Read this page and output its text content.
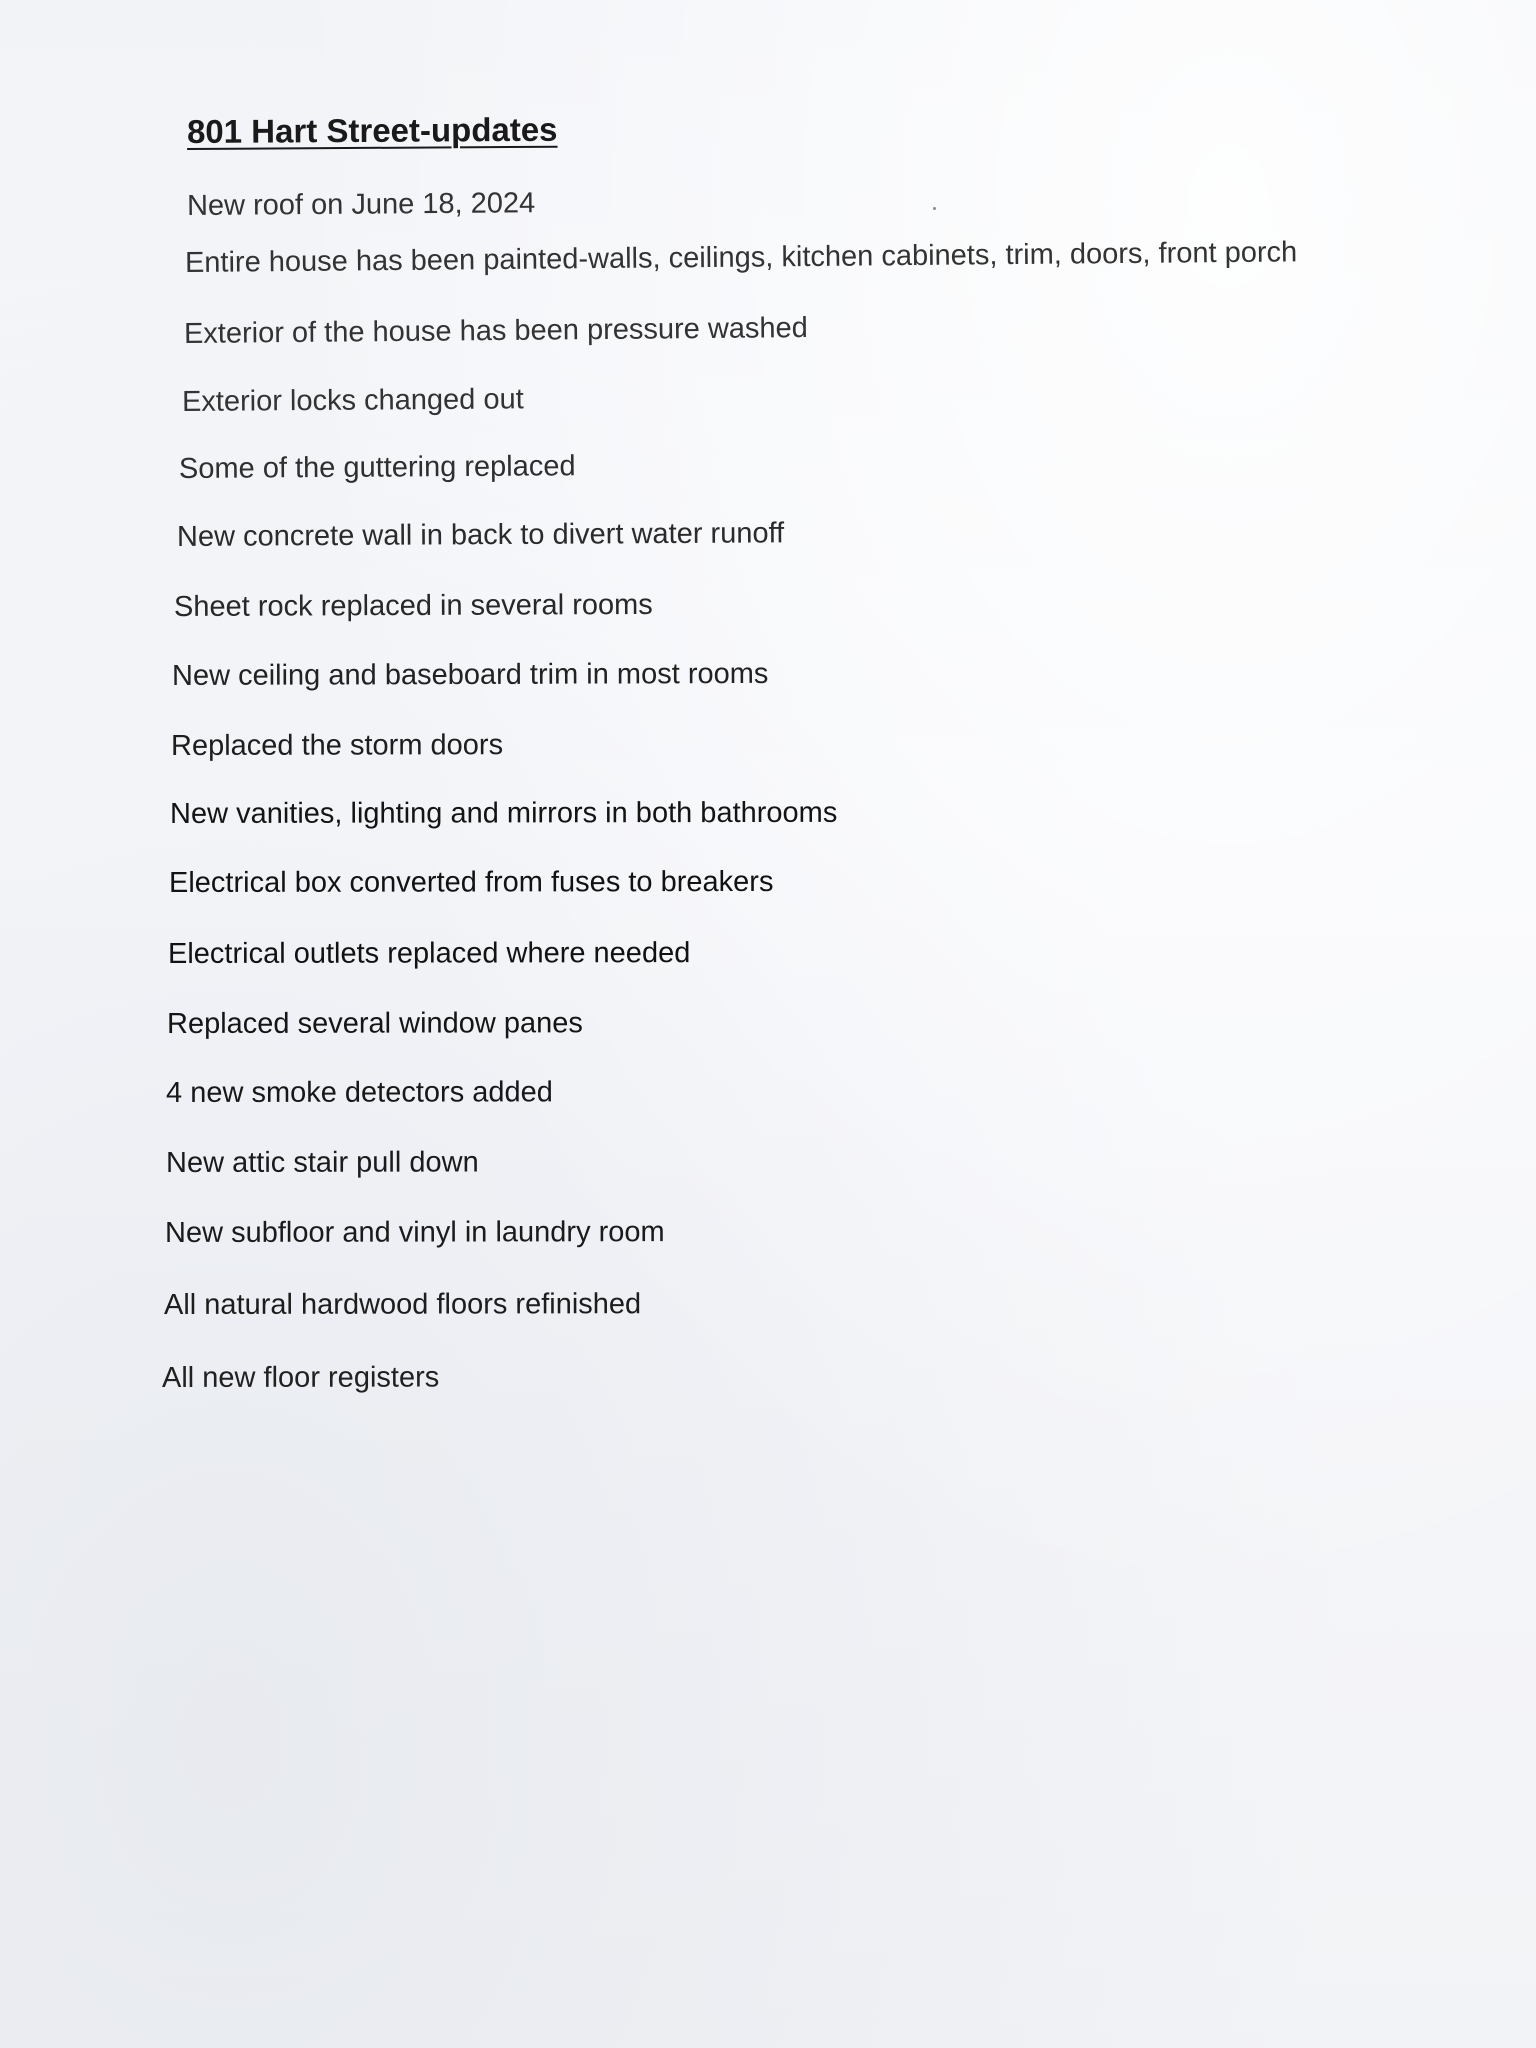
801 Hart Street-updates
New roof on June 18, 2024
Entire house has been painted-walls, ceilings, kitchen cabinets, trim, doors, front porch
Exterior of the house has been pressure washed
Exterior locks changed out
Some of the guttering replaced
New concrete wall in back to divert water runoff
Sheet rock replaced in several rooms
New ceiling and baseboard trim in most rooms
Replaced the storm doors
New vanities, lighting and mirrors in both bathrooms
Electrical box converted from fuses to breakers
Electrical outlets replaced where needed
Replaced several window panes
4 new smoke detectors added
New attic stair pull down
New subfloor and vinyl in laundry room
All natural hardwood floors refinished
All new floor registers
